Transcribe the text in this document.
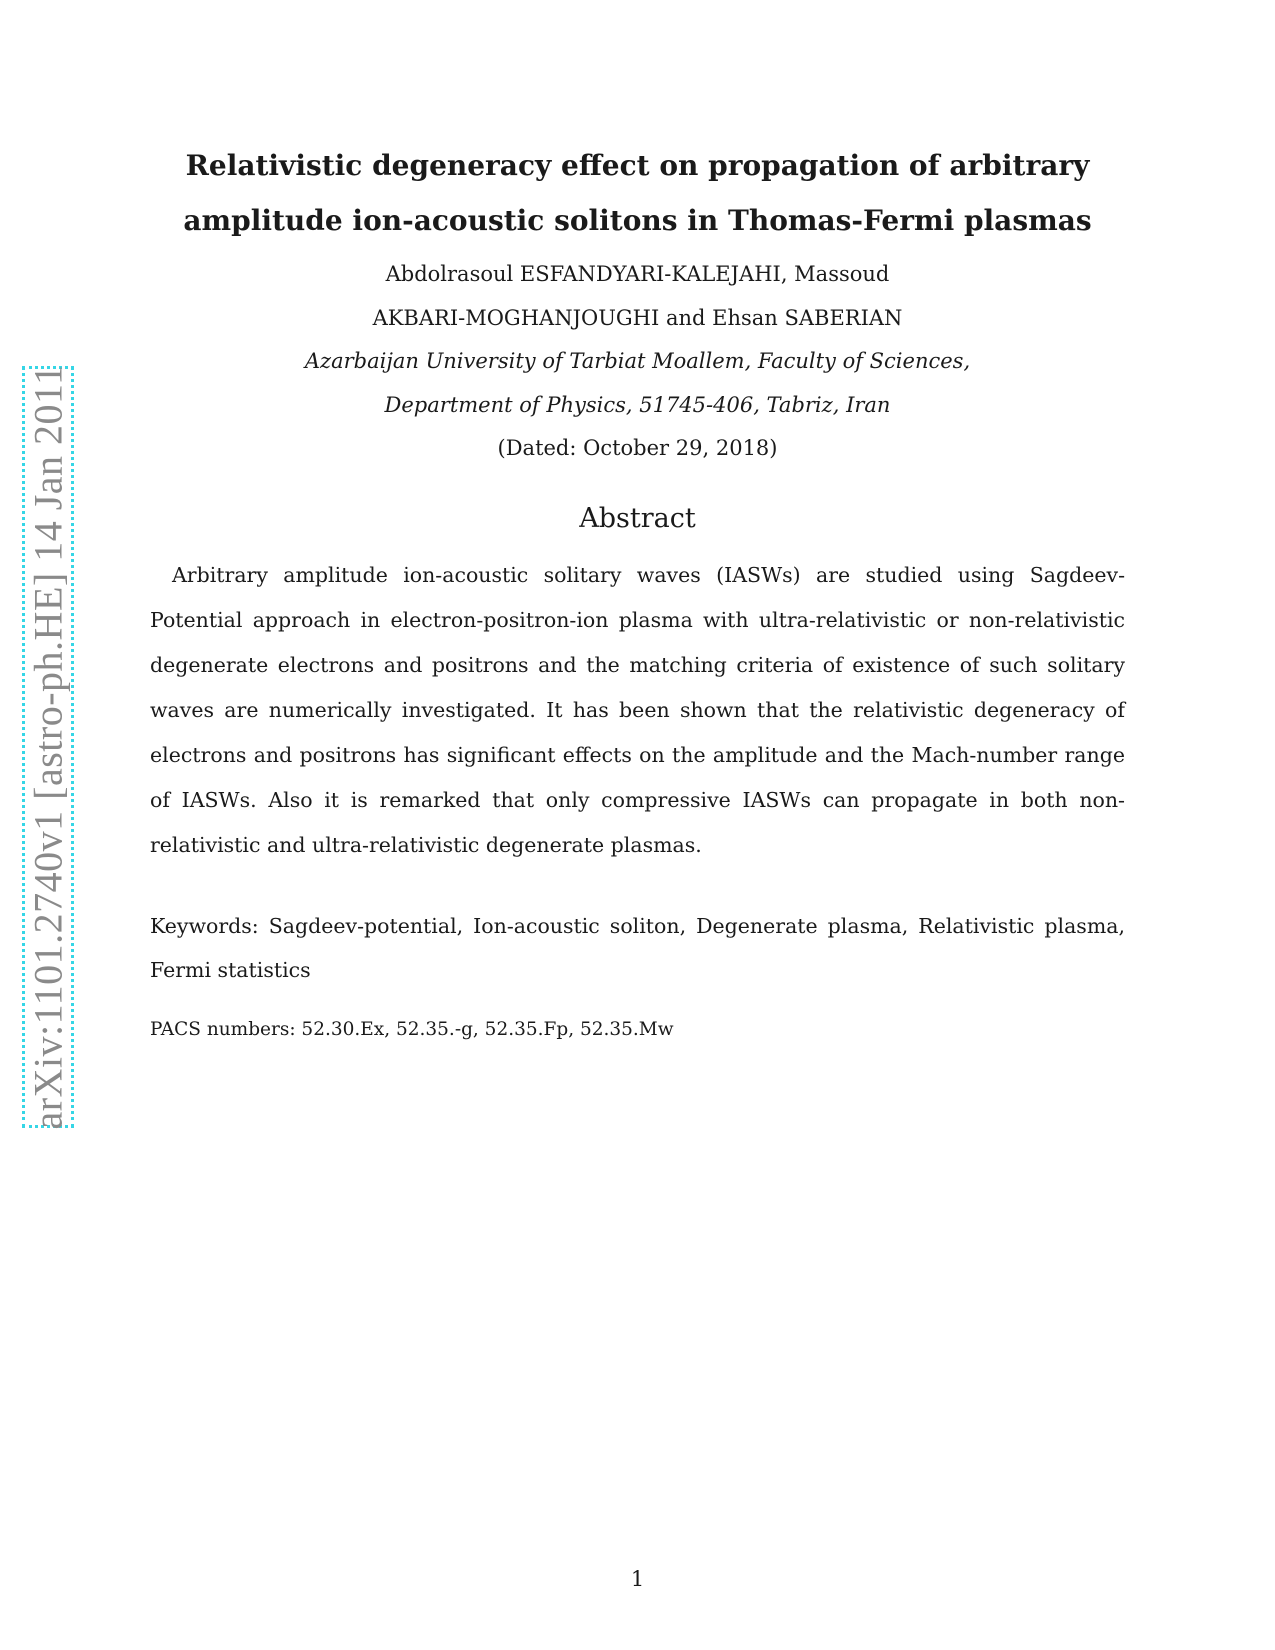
arXiv:1101.2740v1 [astro-ph.HE] 14 Jan 2011
Relativistic degeneracy effect on propagation of arbitrary amplitude ion-acoustic solitons in Thomas-Fermi plasmas

Abdolrasoul ESFANDYARI-KALEJAHI, Massoud

AKBARI-MOGHANJOUGHI and Ehsan SABERIAN

Azarbaijan University of Tarbiat Moallem, Faculty of Sciences,

Department of Physics, 51745-406, Tabriz, Iran

(Dated: October 29, 2018)

Abstract

Arbitrary amplitude ion-acoustic solitary waves (IASWs) are studied using Sagdeev-Potential approach in electron-positron-ion plasma with ultra-relativistic or non-relativistic degenerate electrons and positrons and the matching criteria of existence of such solitary waves are numerically investigated. It has been shown that the relativistic degeneracy of electrons and positrons has significant effects on the amplitude and the Mach-number range of IASWs. Also it is remarked that only compressive IASWs can propagate in both non-relativistic and ultra-relativistic degenerate plasmas.

Keywords: Sagdeev-potential, Ion-acoustic soliton, Degenerate plasma, Relativistic plasma, Fermi statistics

PACS numbers: 52.30.Ex, 52.35.-g, 52.35.Fp, 52.35.Mw

1
